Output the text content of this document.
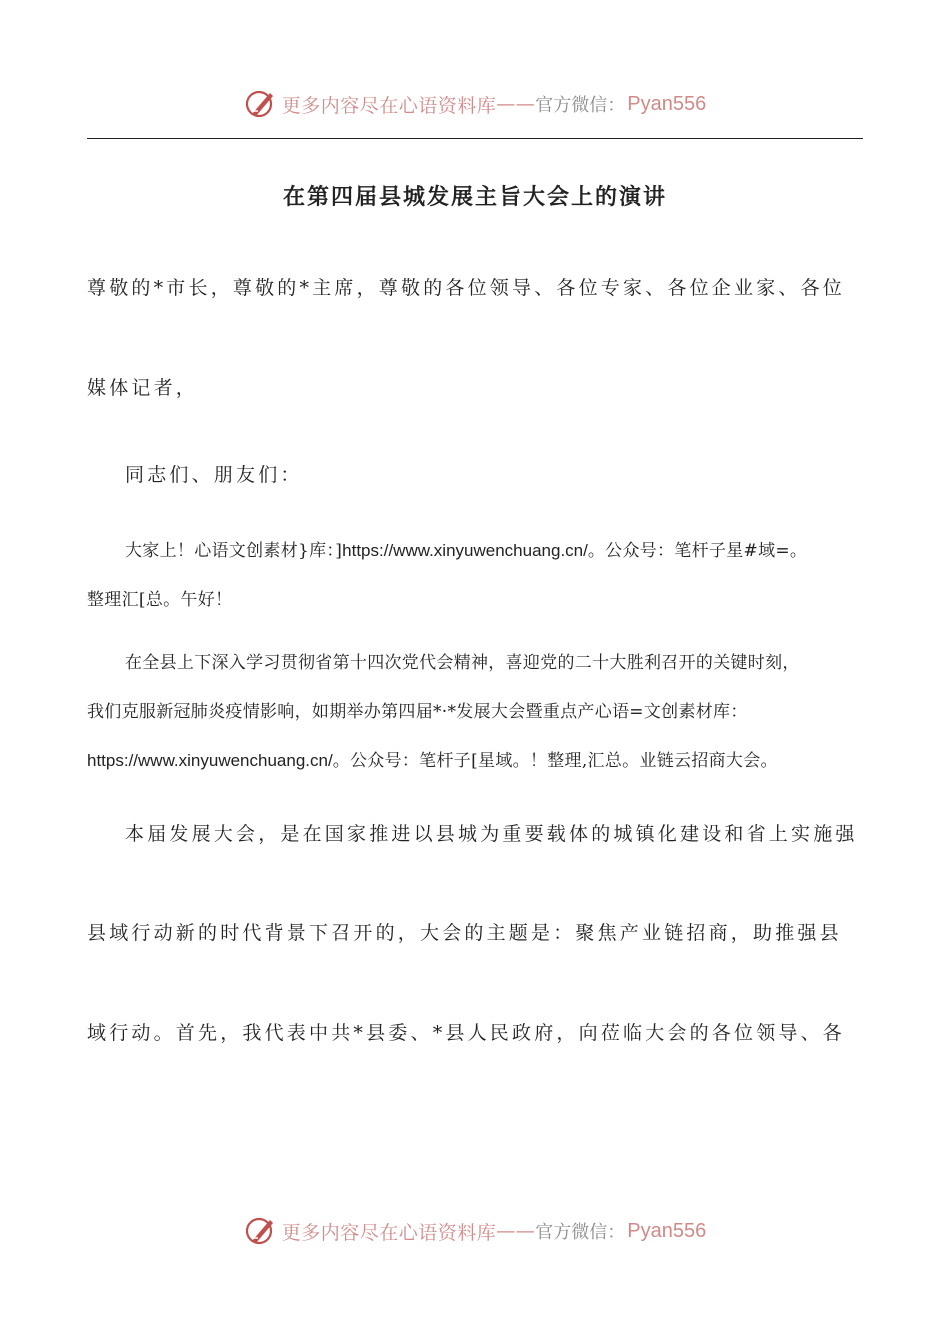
更多内容尽在心语资料库 —— 官方微信： Pyan556
在第四届县城发展主旨大会上的演讲
尊敬的*市长，尊敬的*主席，尊敬的各位领导、各位专家、各位企业家、各位
媒体记者，
同志们、朋友们：
大家上！心语文创素材}库：]https://www.xinyuwenchuang.cn/。公众号：笔杆子星#域=。
整理汇[总。午好！
在全县上下深入学习贯彻省第十四次党代会精神，喜迎党的二十大胜利召开的关键时刻，
我们克服新冠肺炎疫情影响，如期举办第四届*·*发展大会暨重点产心语=文创素材库：
https://www.xinyuwenchuang.cn/。公众号：笔杆子[星域。！整理,汇总。业链云招商大会。
本届发展大会，是在国家推进以县城为重要载体的城镇化建设和省上实施强
县域行动新的时代背景下召开的，大会的主题是：聚焦产业链招商，助推强县
域行动。首先，我代表中共*县委、*县人民政府，向莅临大会的各位领导、各
更多内容尽在心语资料库 —— 官方微信： Pyan556
